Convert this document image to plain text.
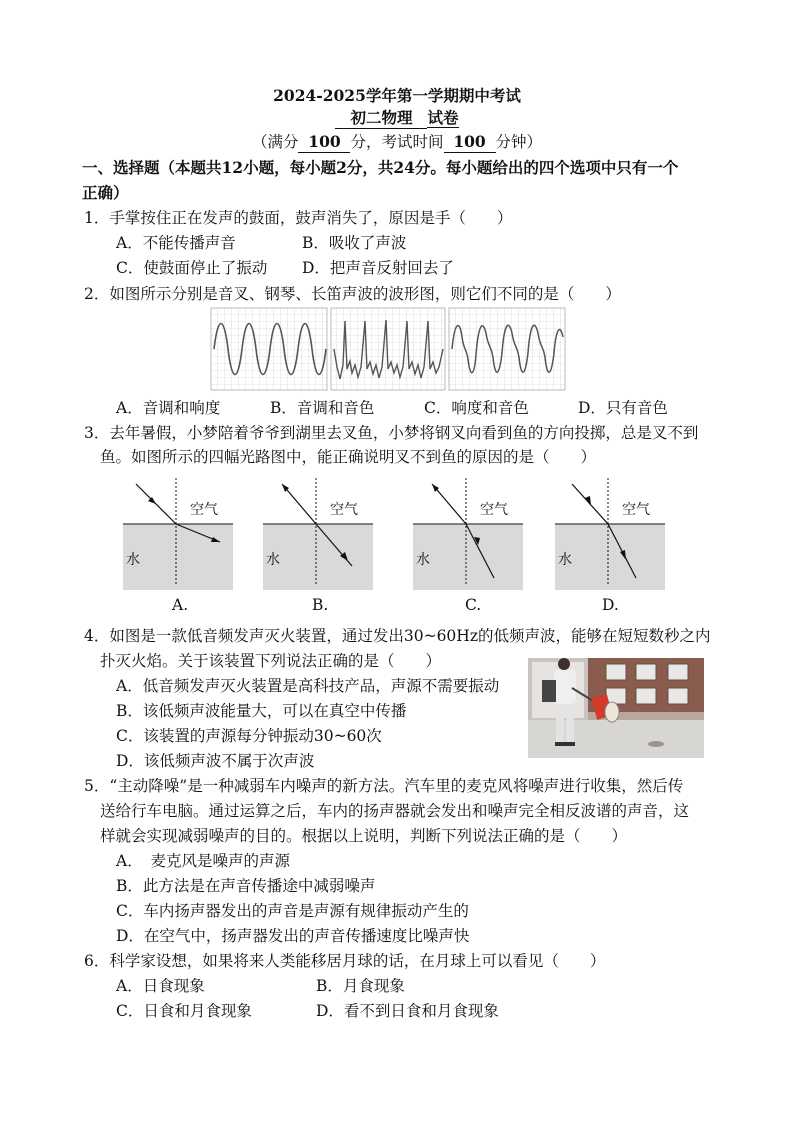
2024-2025学年第一学期期中考试
初二物理 试卷
（满分 100 分，考试时间 100 分钟）
一、选择题（本题共12小题，每小题2分，共24分。每小题给出的四个选项中只有一个
正确）
1．手掌按住正在发声的鼓面，鼓声消失了，原因是手（　　）
A．不能传播声音	B．吸收了声波
C．使鼓面停止了振动 D．把声音反射回去了
2．如图所示分别是音叉、钢琴、长笛声波的波形图，则它们不同的是（　　）
A．音调和响度	B．音调和音色	C．响度和音色	D．只有音色
3．去年暑假，小梦陪着爷爷到湖里去叉鱼，小梦将钢叉向看到鱼的方向投掷，总是叉不到
鱼。如图所示的四幅光路图中，能正确说明叉不到鱼的原因的是（　　）
空气
水
空气
水
空气
水
空气
水
A.	B.	C.	D.
4．如图是一款低音频发声灭火装置，通过发出30~60Hz的低频声波，能够在短短数秒之内
扑灭火焰。关于该装置下列说法正确的是（　　）
A．低音频发声灭火装置是高科技产品，声源不需要振动
B．该低频声波能量大，可以在真空中传播
C．该装置的声源每分钟振动30~60次
D．该低频声波不属于次声波
5．“主动降噪”是一种减弱车内噪声的新方法。汽车里的麦克风将噪声进行收集，然后传
送给行车电脑。通过运算之后，车内的扬声器就会发出和噪声完全相反波谱的声音，这
样就会实现减弱噪声的目的。根据以上说明，判断下列说法正确的是（　　）
A．　麦克风是噪声的声源
B．此方法是在声音传播途中减弱噪声
C．车内扬声器发出的声音是声源有规律振动产生的
D．在空气中，扬声器发出的声音传播速度比噪声快
6．科学家设想，如果将来人类能移居月球的话，在月球上可以看见（　　）
A．日食现象	B．月食现象
C．日食和月食现象	D．看不到日食和月食现象
